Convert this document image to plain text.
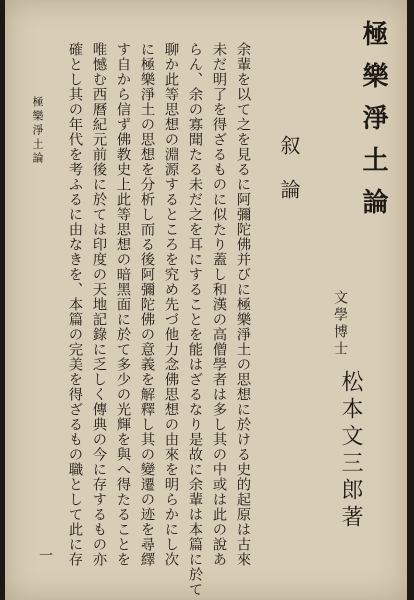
極樂淨土論
文學博士
松本文三郎著
叙論
余輩を以て之を見るに阿彌陀佛并びに極樂淨土の思想に於ける史的起原は古來
未だ明了を得ざるものに似たり蓋し和漢の高僧學者は多し其の中或は此の說あ
らん、余の寡聞たる未だ之を耳にすることを能はざるなり是故に余輩は本篇に於て
聊か此等思想の淵源するところを究め先づ他力念佛思想の由來を明らかにし次
に極樂淨土の思想を分析し而る後阿彌陀佛の意義を解釋し其の變遷の迹を尋繹
す自から信ず佛教史上此等思想の暗黑面に於て多少の光輝を與へ得たることを
唯憾む西曆紀元前後に於ては印度の天地記錄に乏しく傳典の今に存するもの亦
確とし其の年代を考ふるに由なきを、本篇の完美を得ざるもの職として此に存
極樂淨土論
一
